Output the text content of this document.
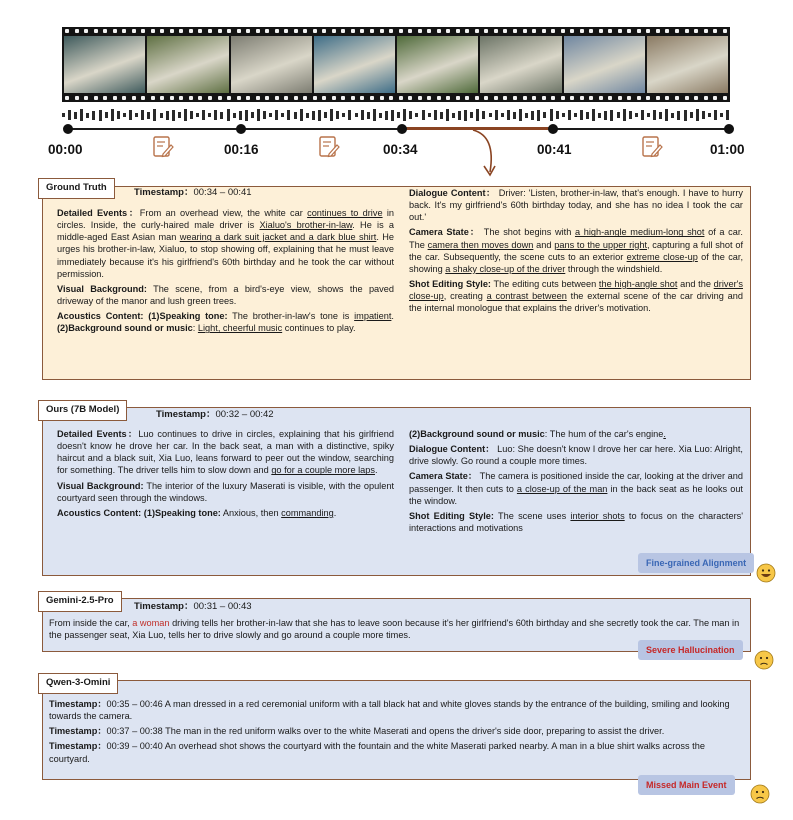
00:00	00:16	00:34	00:41	01:00

Detailed Events：From an overhead view, the white car continues to drive in circles. Inside, the curly-haired male driver is Xialuo's brother-in-law. He is a middle-aged East Asian man wearing a dark suit jacket and a dark blue shirt. He urges his brother-in-law, Xialuo, to stop showing off, explaining that he must leave immediately because it's his girlfriend's 60th birthday and he took the car without permission.

Visual Background: The scene, from a bird's-eye view, shows the paved driveway of the manor and lush green trees.

Acoustics Content: (1)Speaking tone: The brother-in-law's tone is impatient. (2)Background sound or music: Light, cheerful music continues to play.

Dialogue Content： Driver: 'Listen, brother-in-law, that's enough. I have to hurry back. It's my girlfriend's 60th birthday today, and she has no idea I took the car out.'

Camera State： The shot begins with a high-angle medium-long shot of a car. The camera then moves down and pans to the upper right, capturing a full shot of the car. Subsequently, the scene cuts to an exterior extreme close-up of the car, showing a shaky close-up of the driver through the windshield.

Shot Editing Style: The editing cuts between the high-angle shot and the driver's close-up, creating a contrast between the external scene of the car driving and the internal monologue that explains the driver's motivation.

Ground Truth	Timestamp：00:34 – 00:41

Detailed Events：Luo continues to drive in circles, explaining that his girlfriend doesn't know he drove her car. In the back seat, a man with a distinctive, spiky haircut and a black suit, Xia Luo, leans forward to peer out the window, searching for something. The driver tells him to slow down and go for a couple more laps.

Visual Background: The interior of the luxury Maserati is visible, with the opulent courtyard seen through the windows.

Acoustics Content: (1)Speaking tone: Anxious, then commanding.

(2)Background sound or music: The hum of the car's engine.

Dialogue Content： Luo: She doesn't know I drove her car here. Xia Luo: Alright, drive slowly. Go round a couple more times.

Camera State： The camera is positioned inside the car, looking at the driver and passenger. It then cuts to a close-up of the man in the back seat as he looks out the window.

Shot Editing Style: The scene uses interior shots to focus on the characters' interactions and motivations

Ours (7B Model)	Timestamp：00:32 – 00:42
Fine-grained Alignment
From inside the car, a woman driving tells her brother-in-law that she has to leave soon because it's her girlfriend's 60th birthday and she secretly took the car. The man in the passenger seat, Xia Luo, tells her to drive slowly and go around a couple more times.
Gemini-2.5-Pro
Timestamp：00:31 – 00:43
Severe Hallucination

Timestamp：00:35 – 00:46 A man dressed in a red ceremonial uniform with a tall black hat and white gloves stands by the entrance of the building, smiling and looking towards the camera.

Timestamp：00:37 – 00:38 The man in the red uniform walks over to the white Maserati and opens the driver's side door, preparing to assist the driver.

Timestamp：00:39 – 00:40 An overhead shot shows the courtyard with the fountain and the white Maserati parked nearby. A man in a blue shirt walks across the courtyard.

Qwen-3-Omini
Missed Main Event
